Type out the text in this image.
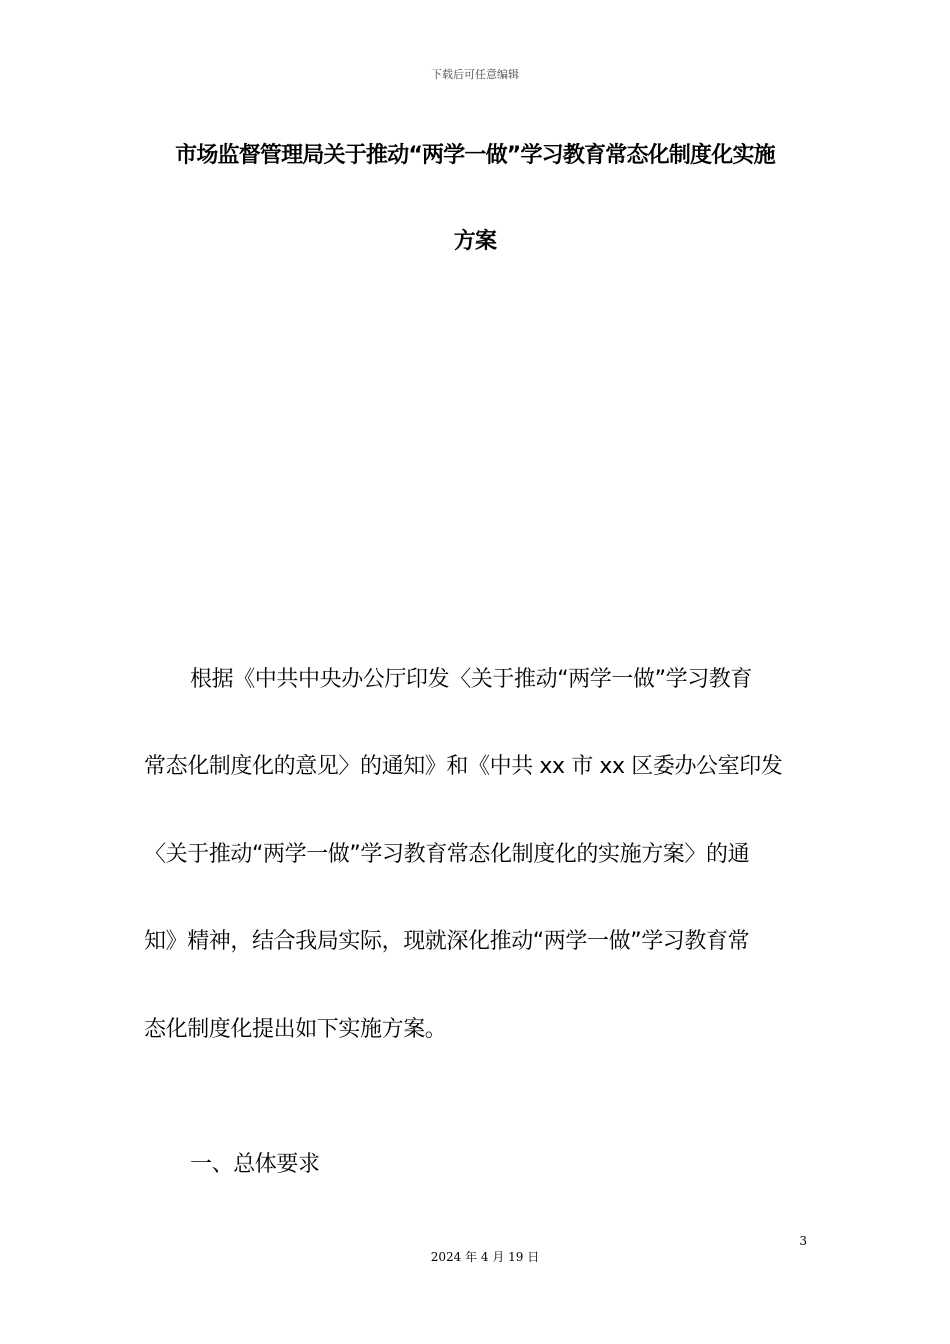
下载后可任意编辑
市场监督管理局关于推动“两学一做”学习教育常态化制度化实施
方案
根据《中共中央办公厅印发〈关于推动“两学一做”学习教育
常态化制度化的意见〉的通知》和《中共 xx 市 xx 区委办公室印发
〈关于推动“两学一做”学习教育常态化制度化的实施方案〉的通
知》精神，结合我局实际，现就深化推动“两学一做”学习教育常
态化制度化提出如下实施方案。
一、总体要求
3
2024 年 4 月 19 日
